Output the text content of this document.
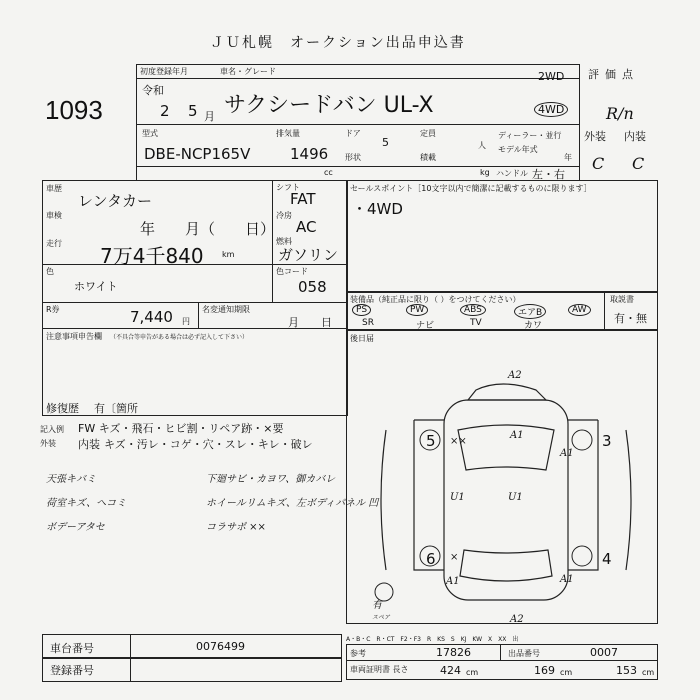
ＪＵ札幌　オークション出品申込書
1093
初度登録年月	車名・グレード
令和
2 5 月 サクシードバン UL-X
2WD
4WD
型式
DBE-NCP165V
排気量
1496
cc
ドア
5
定員
人
形状	積載
kg ハンドル 左・右
ディーラー・並行
モデル年式
年
評価点
R/n
外装 内装
C C
車歴
レンタカー
車検
年　　月（　　日）
走行
7万4千840 km
シフト
FAT
冷房
AC
燃料
ガソリン
色
ホワイト
色コード
058
R券	7,440 円
名変通知期限
月　　日
注意事項申告欄 （不具合等申告がある場合は必ず記入して下さい）
修復歴 有〔箇所
セールスポイント［10文字以内で簡潔に記載するものに限ります］
・4WD
装備品（純正品に限り（ ）をつけてください）
PS	PW	ABS	エアB	AW
SR	ナビ	TV	カワ
取説書
有・無
後日届
記入例 FW キズ・飛石・ヒビ割・リペア跡・×要
外装 内装 キズ・汚レ・コゲ・穴・スレ・キレ・破レ
天張キバミ
荷室キズ、ヘコミ
ボデーアタセ
下廻サビ・カヨワ、御カバレ
ホイールリムキズ、左ボディパネル 凹
コラサポ ××
5	3
6	4
××
×
A2
A1
A1
U1	U1
A1	A1
A2
有
スペア
車台番号	0076499
登録番号
A・B・C　R・CT　F2・F3　R　KS　S　KJ　KW　X　XX　出
参考	17826	出品番号	0007
車両証明書 長さ	424 cm	169 cm	153 cm
